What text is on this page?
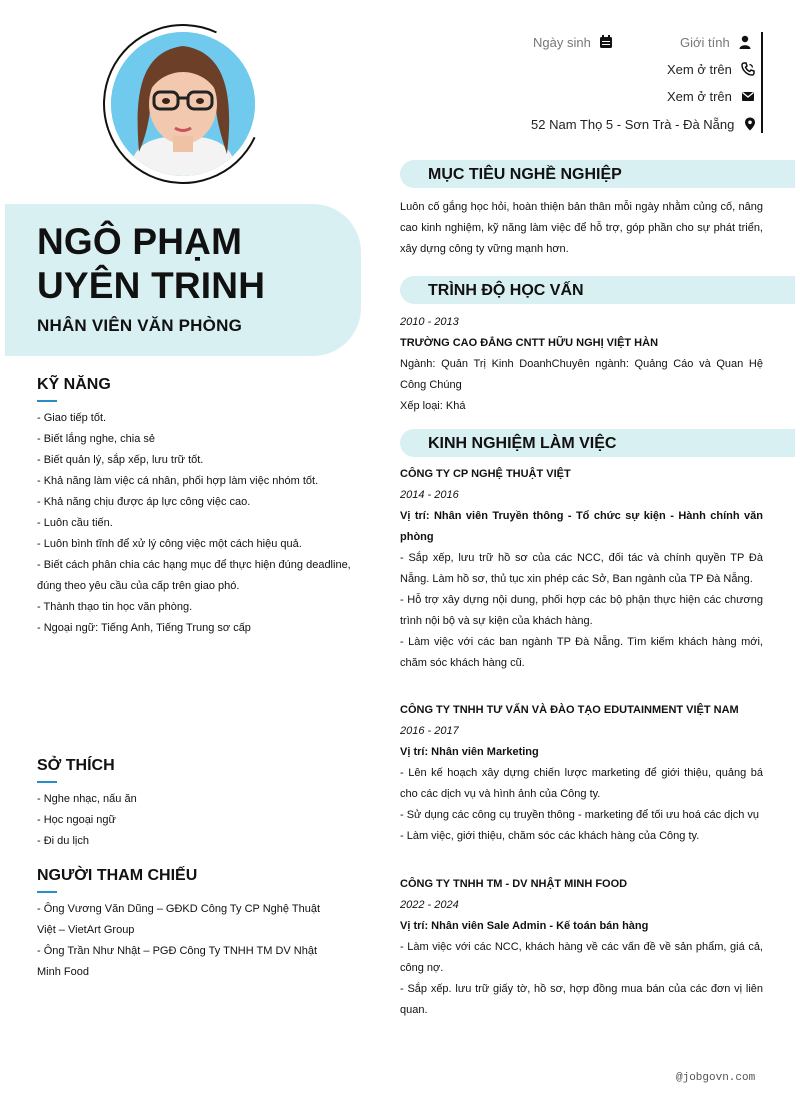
NGÔ PHẠM
UYÊN TRINH
NHÂN VIÊN VĂN PHÒNG
Ngày sinh	Giới tính
Xem ở trên
Xem ở trên
52 Nam Thọ 5 - Sơn Trà - Đà Nẵng
KỸ NĂNG
- Giao tiếp tốt.
- Biết lắng nghe, chia sẻ
- Biết quản lý, sắp xếp, lưu trữ tốt.
- Khả năng làm việc cá nhân, phối hợp làm việc nhóm tốt.
- Khả năng chịu được áp lực công việc cao.
- Luôn cầu tiến.
- Luôn bình tĩnh để xử lý công việc một cách hiệu quả.
- Biết cách phân chia các hạng mục để thực hiện đúng deadline, đúng theo yêu cầu của cấp trên giao phó.
- Thành thạo tin học văn phòng.
- Ngoại ngữ: Tiếng Anh, Tiếng Trung sơ cấp
SỞ THÍCH
- Nghe nhạc, nấu ăn
- Học ngoại ngữ
- Đi du lịch
NGƯỜI THAM CHIẾU
- Ông Vương Văn Dũng – GĐKD Công Ty CP Nghệ Thuật Việt – VietArt Group
- Ông Trần Như Nhật – PGĐ Công Ty TNHH TM DV Nhật Minh Food
MỤC TIÊU NGHỀ NGHIỆP
Luôn cố gắng học hỏi, hoàn thiện bản thân mỗi ngày nhằm củng cố, nâng cao kinh nghiệm, kỹ năng làm việc để hỗ trợ, góp phần cho sự phát triển, xây dựng công ty vững mạnh hơn.
TRÌNH ĐỘ HỌC VẤN
2010 - 2013
TRƯỜNG CAO ĐẲNG CNTT HỮU NGHỊ VIỆT HÀN
Ngành: Quản Trị Kinh DoanhChuyên ngành: Quảng Cáo và Quan Hệ Công Chúng
Xếp loại: Khá
KINH NGHIỆM LÀM VIỆC
CÔNG TY CP NGHỆ THUẬT VIỆT
2014 - 2016
Vị trí: Nhân viên Truyền thông - Tổ chức sự kiện - Hành chính văn phòng
- Sắp xếp, lưu trữ hồ sơ của các NCC, đối tác và chính quyền TP Đà Nẵng. Làm hồ sơ, thủ tục xin phép các Sở, Ban ngành của TP Đà Nẵng.
- Hỗ trợ xây dựng nội dung, phối hợp các bộ phận thực hiện các chương trình nội bộ và sự kiện của khách hàng.
- Làm việc với các ban ngành TP Đà Nẵng. Tìm kiếm khách hàng mới, chăm sóc khách hàng cũ.
CÔNG TY TNHH TƯ VẤN VÀ ĐÀO TẠO EDUTAINMENT VIỆT NAM
2016 - 2017
Vị trí: Nhân viên Marketing
- Lên kế hoạch xây dựng chiến lược marketing để giới thiệu, quảng bá cho các dịch vụ và hình ảnh của Công ty.
- Sử dụng các công cụ truyền thông - marketing để tối ưu hoá các dịch vụ
- Làm việc, giới thiệu, chăm sóc các khách hàng của Công ty.
CÔNG TY TNHH TM - DV NHẬT MINH FOOD
2022 - 2024
Vị trí: Nhân viên Sale Admin - Kế toán bán hàng
- Làm việc với các NCC, khách hàng về các vấn đề về sản phẩm, giá cả, công nợ.
- Sắp xếp. lưu trữ giấy tờ, hồ sơ, hợp đồng mua bán của các đơn vị liên quan.
@jobgovn.com
